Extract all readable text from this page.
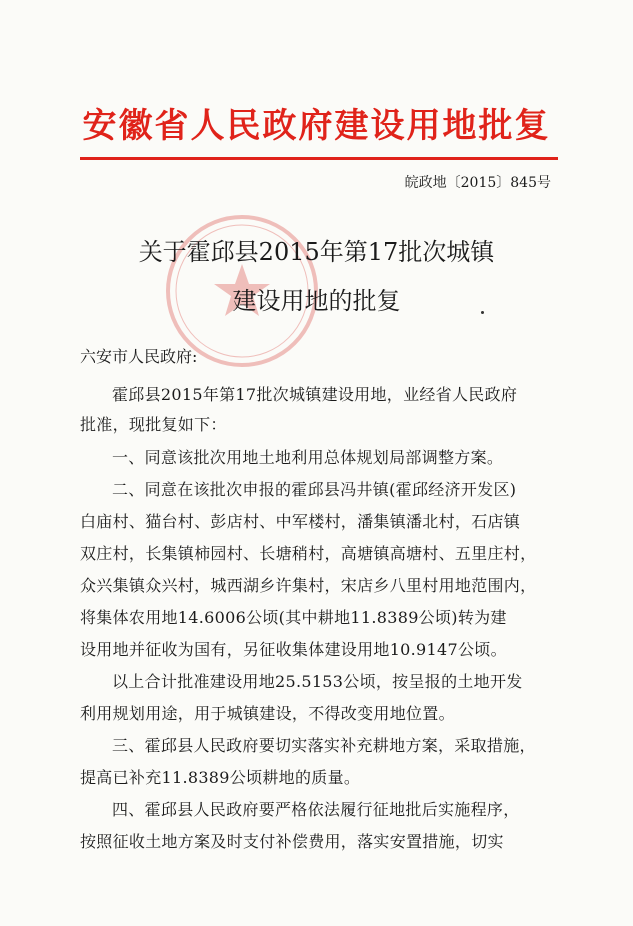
安徽省人民政府建设用地批复
皖政地〔2015〕845号
关于霍邱县2015年第17批次城镇
建设用地的批复
六安市人民政府:
霍邱县2015年第17批次城镇建设用地，业经省人民政府
批准，现批复如下：
一、同意该批次用地土地利用总体规划局部调整方案。
二、同意在该批次申报的霍邱县冯井镇(霍邱经济开发区)
白庙村、猫台村、彭店村、中军楼村，潘集镇潘北村，石店镇
双庄村，长集镇柿园村、长塘稍村，高塘镇高塘村、五里庄村，
众兴集镇众兴村，城西湖乡许集村，宋店乡八里村用地范围内，
将集体农用地14.6006公顷(其中耕地11.8389公顷)转为建
设用地并征收为国有，另征收集体建设用地10.9147公顷。
以上合计批准建设用地25.5153公顷，按呈报的土地开发
利用规划用途，用于城镇建设，不得改变用地位置。
三、霍邱县人民政府要切实落实补充耕地方案，采取措施，
提高已补充11.8389公顷耕地的质量。
四、霍邱县人民政府要严格依法履行征地批后实施程序，
按照征收土地方案及时支付补偿费用，落实安置措施，切实
